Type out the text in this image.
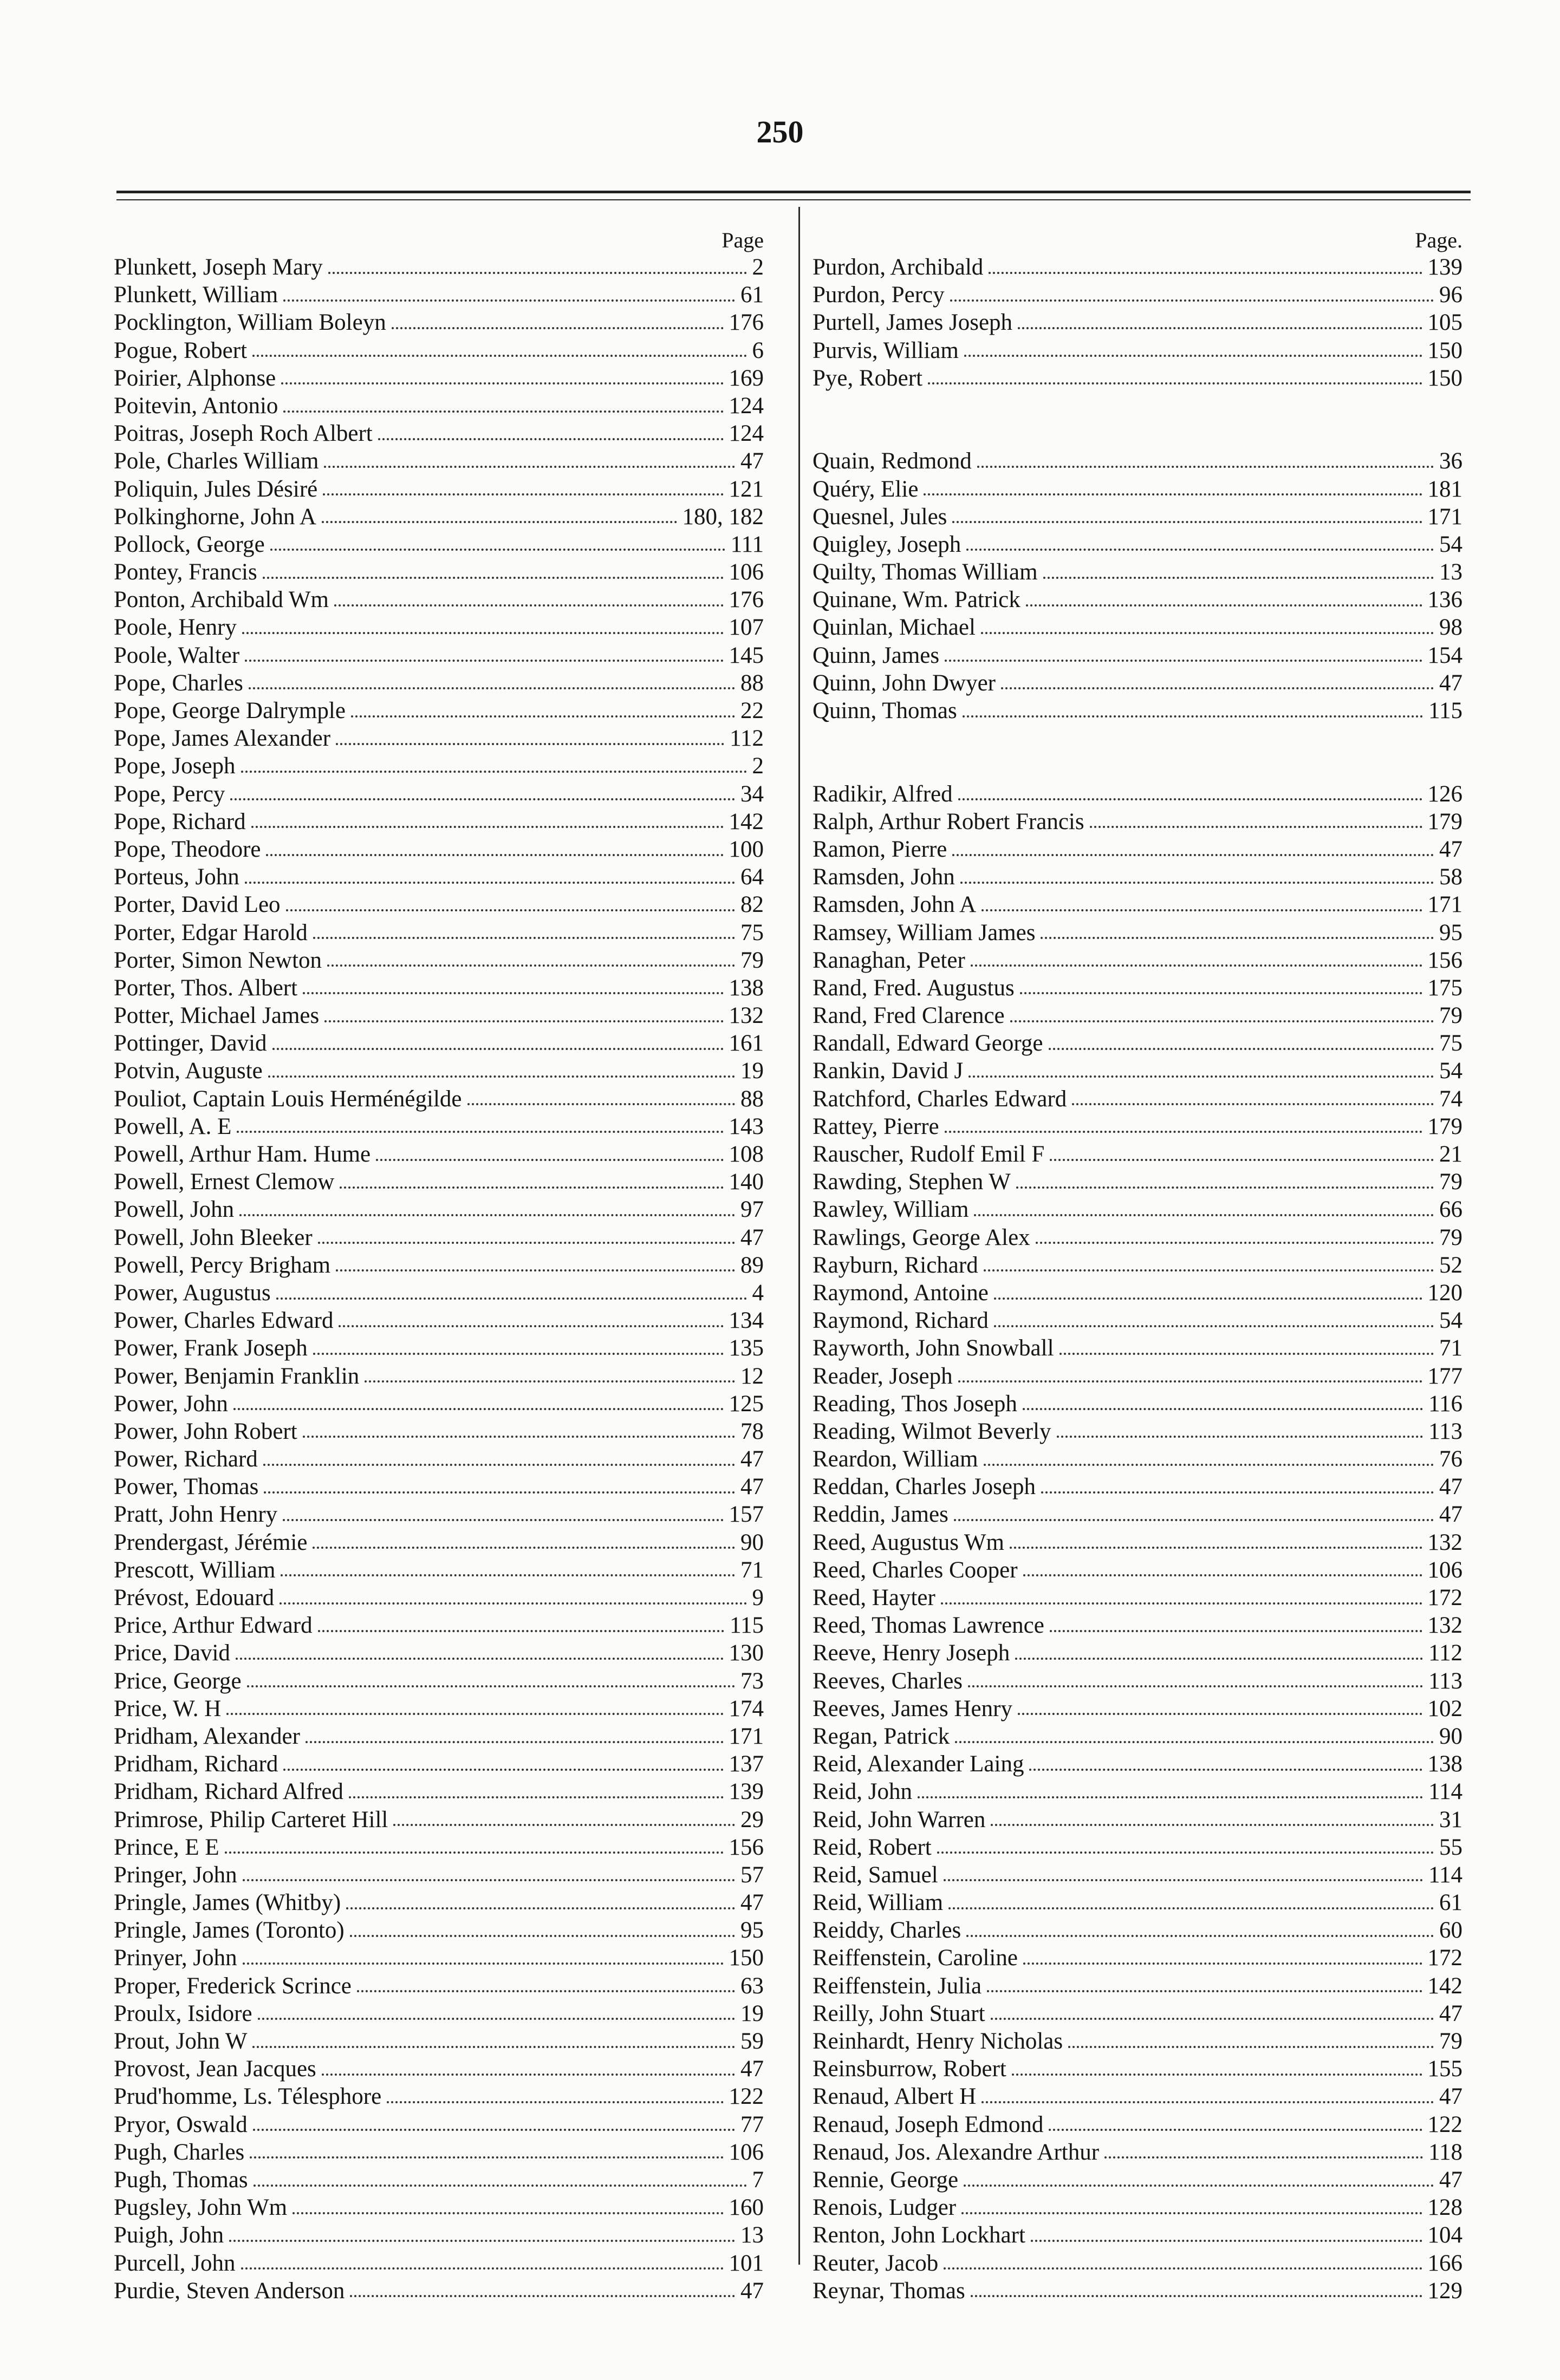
250
Page
Plunkett, Joseph Mary	2
Plunkett, William	61
Pocklington, William Boleyn	176
Pogue, Robert	6
Poirier, Alphonse	169
Poitevin, Antonio	124
Poitras, Joseph Roch Albert	124
Pole, Charles William	47
Poliquin, Jules Désiré	121
Polkinghorne, John A	180, 182
Pollock, George	111
Pontey, Francis	106
Ponton, Archibald Wm	176
Poole, Henry	107
Poole, Walter	145
Pope, Charles	88
Pope, George Dalrymple	22
Pope, James Alexander	112
Pope, Joseph	2
Pope, Percy	34
Pope, Richard	142
Pope, Theodore	100
Porteus, John	64
Porter, David Leo	82
Porter, Edgar Harold	75
Porter, Simon Newton	79
Porter, Thos. Albert	138
Potter, Michael James	132
Pottinger, David	161
Potvin, Auguste	19
Pouliot, Captain Louis Herménégilde	88
Powell, A. E	143
Powell, Arthur Ham. Hume	108
Powell, Ernest Clemow	140
Powell, John	97
Powell, John Bleeker	47
Powell, Percy Brigham	89
Power, Augustus	4
Power, Charles Edward	134
Power, Frank Joseph	135
Power, Benjamin Franklin	12
Power, John	125
Power, John Robert	78
Power, Richard	47
Power, Thomas	47
Pratt, John Henry	157
Prendergast, Jérémie	90
Prescott, William	71
Prévost, Edouard	9
Price, Arthur Edward	115
Price, David	130
Price, George	73
Price, W. H	174
Pridham, Alexander	171
Pridham, Richard	137
Pridham, Richard Alfred	139
Primrose, Philip Carteret Hill	29
Prince, E E	156
Pringer, John	57
Pringle, James (Whitby)	47
Pringle, James (Toronto)	95
Prinyer, John	150
Proper, Frederick Scrince	63
Proulx, Isidore	19
Prout, John W	59
Provost, Jean Jacques	47
Prud'homme, Ls. Télesphore	122
Pryor, Oswald	77
Pugh, Charles	106
Pugh, Thomas	7
Pugsley, John Wm	160
Puigh, John	13
Purcell, John	101
Purdie, Steven Anderson	47
Page.
Purdon, Archibald	139
Purdon, Percy	96
Purtell, James Joseph	105
Purvis, William	150
Pye, Robert	150
Quain, Redmond	36
Quéry, Elie	181
Quesnel, Jules	171
Quigley, Joseph	54
Quilty, Thomas William	13
Quinane, Wm. Patrick	136
Quinlan, Michael	98
Quinn, James	154
Quinn, John Dwyer	47
Quinn, Thomas	115
Radikir, Alfred	126
Ralph, Arthur Robert Francis	179
Ramon, Pierre	47
Ramsden, John	58
Ramsden, John A	171
Ramsey, William James	95
Ranaghan, Peter	156
Rand, Fred. Augustus	175
Rand, Fred Clarence	79
Randall, Edward George	75
Rankin, David J	54
Ratchford, Charles Edward	74
Rattey, Pierre	179
Rauscher, Rudolf Emil F	21
Rawding, Stephen W	79
Rawley, William	66
Rawlings, George Alex	79
Rayburn, Richard	52
Raymond, Antoine	120
Raymond, Richard	54
Rayworth, John Snowball	71
Reader, Joseph	177
Reading, Thos Joseph	116
Reading, Wilmot Beverly	113
Reardon, William	76
Reddan, Charles Joseph	47
Reddin, James	47
Reed, Augustus Wm	132
Reed, Charles Cooper	106
Reed, Hayter	172
Reed, Thomas Lawrence	132
Reeve, Henry Joseph	112
Reeves, Charles	113
Reeves, James Henry	102
Regan, Patrick	90
Reid, Alexander Laing	138
Reid, John	114
Reid, John Warren	31
Reid, Robert	55
Reid, Samuel	114
Reid, William	61
Reiddy, Charles	60
Reiffenstein, Caroline	172
Reiffenstein, Julia	142
Reilly, John Stuart	47
Reinhardt, Henry Nicholas	79
Reinsburrow, Robert	155
Renaud, Albert H	47
Renaud, Joseph Edmond	122
Renaud, Jos. Alexandre Arthur	118
Rennie, George	47
Renois, Ludger	128
Renton, John Lockhart	104
Reuter, Jacob	166
Reynar, Thomas	129
